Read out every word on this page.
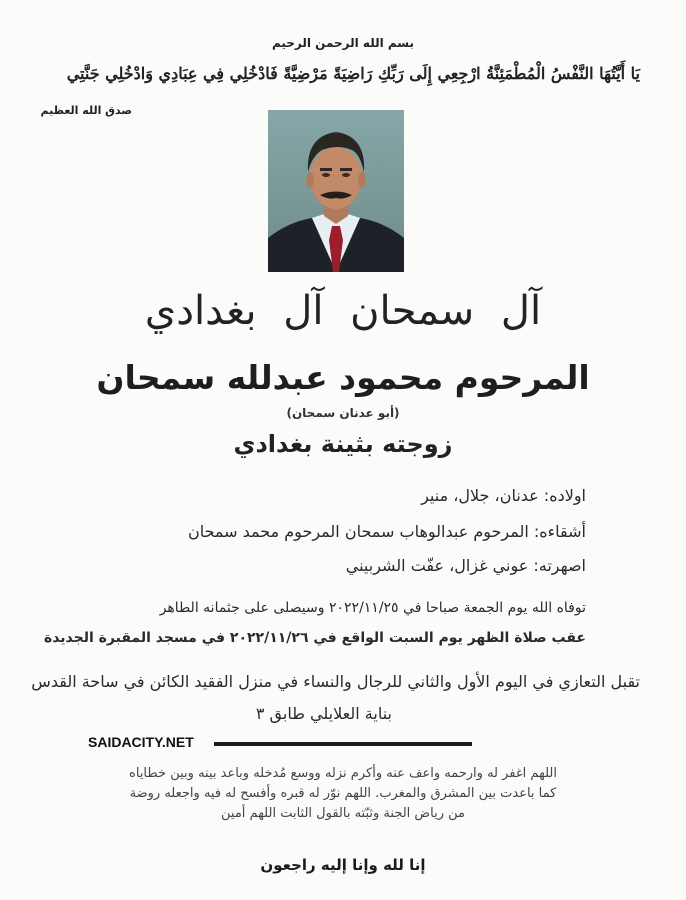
بسم الله الرحمن الرحيم
يَا أَيَّتُهَا النَّفْسُ الْمُطْمَئِنَّةُ ارْجِعِي إِلَى رَبِّكِ رَاضِيَةً مَرْضِيَّةً فَادْخُلِي فِي عِبَادِي وَادْخُلِي جَنَّتِي
صدق الله العظيم
آل سمحان آل بغدادي
المرحوم محمود عبدلله سمحان
(أبو عدنان سمحان)
زوجته بثينة بغدادي
اولاده: عدنان، جلال، منير
أشقاءه: المرحوم عبدالوهاب سمحان المرحوم محمد سمحان
اصهرته: عوني غزال، عفّت الشربيني
توفاه الله يوم الجمعة صباحا في ٢٠٢٢/١١/٢٥ وسيصلى على جثمانه الطاهر
عقب صلاة الظهر يوم السبت الواقع في ٢٠٢٢/١١/٢٦ في مسجد المقبرة الجديدة
تقبل التعازي في اليوم الأول والثاني للرجال والنساء في منزل الفقيد الكائن في ساحة القدس
بناية العلايلي طابق ٣
SAIDACITY.NET
اللهم اغفر له وارحمه واعف عنه وأكرم نزله ووسع مُدخله وباعد بينه وبين خطاياه
كما باعدت بين المشرق والمغرب. اللهم نوّر له قبره وأفسح له فيه واجعله روضة
من رياض الجنة وثبّته بالقول الثابت اللهم أمين
إنا لله وإنا إليه راجعون
